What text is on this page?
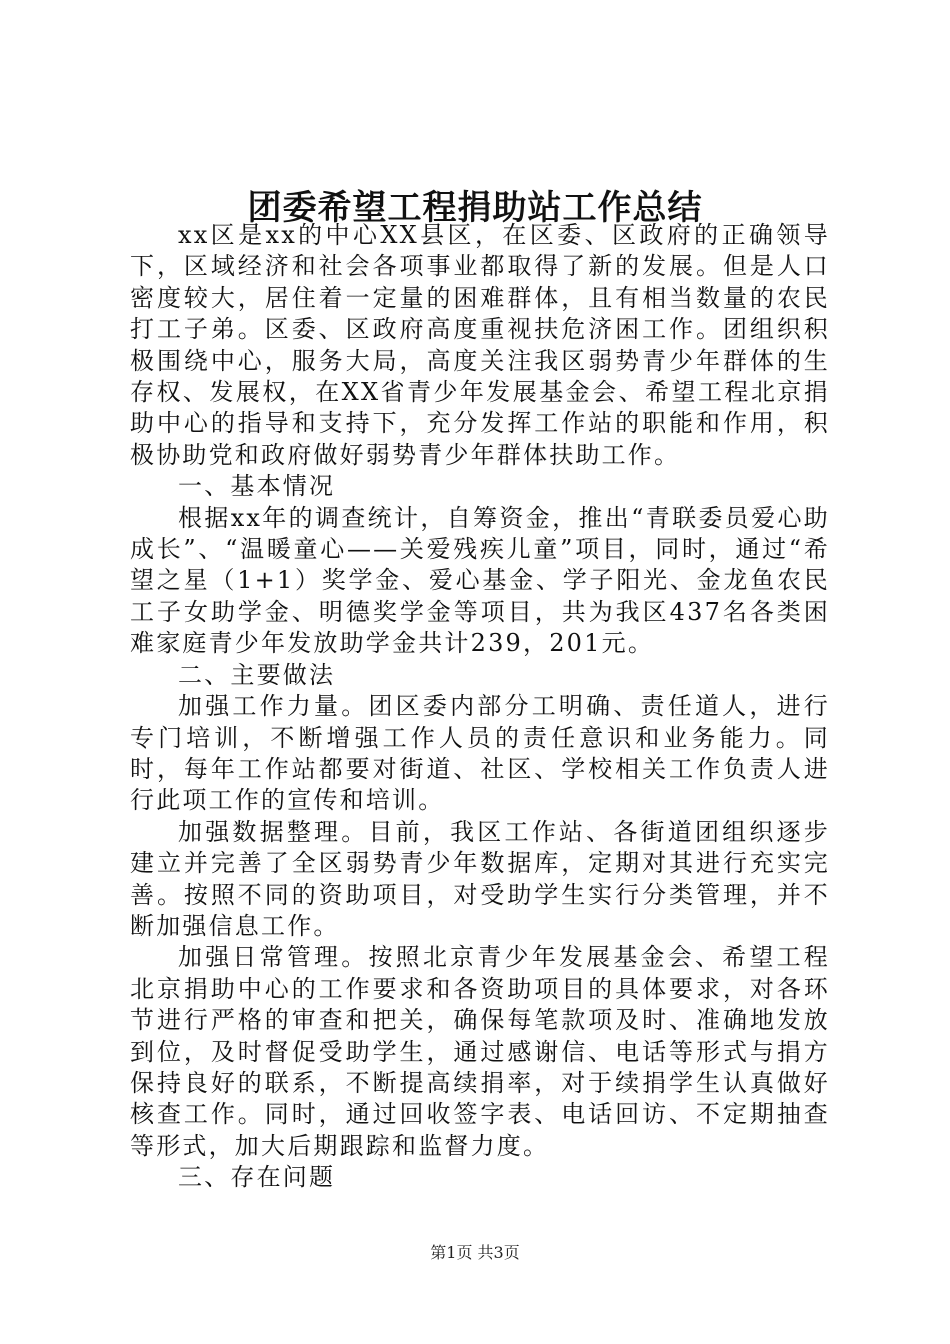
团委希望工程捐助站工作总结

xx区是xx的中心XX县区，在区委、区政府的正确领导下，区域经济和社会各项事业都取得了新的发展。但是人口密度较大，居住着一定量的困难群体，且有相当数量的农民打工子弟。区委、区政府高度重视扶危济困工作。团组织积极围绕中心，服务大局，高度关注我区弱势青少年群体的生存权、发展权，在XX省青少年发展基金会、希望工程北京捐助中心的指导和支持下，充分发挥工作站的职能和作用，积极协助党和政府做好弱势青少年群体扶助工作。

一、基本情况

根据xx年的调查统计，自筹资金，推出“青联委员爱心助成长”、“温暖童心——关爱残疾儿童”项目，同时，通过“希望之星（1+1）奖学金、爱心基金、学子阳光、金龙鱼农民工子女助学金、明德奖学金等项目，共为我区437名各类困难家庭青少年发放助学金共计239，201元。

二、主要做法

加强工作力量。团区委内部分工明确、责任道人，进行专门培训，不断增强工作人员的责任意识和业务能力。同时，每年工作站都要对街道、社区、学校相关工作负责人进行此项工作的宣传和培训。

加强数据整理。目前，我区工作站、各街道团组织逐步建立并完善了全区弱势青少年数据库，定期对其进行充实完善。按照不同的资助项目，对受助学生实行分类管理，并不断加强信息工作。

加强日常管理。按照北京青少年发展基金会、希望工程北京捐助中心的工作要求和各资助项目的具体要求，对各环节进行严格的审查和把关，确保每笔款项及时、准确地发放到位，及时督促受助学生，通过感谢信、电话等形式与捐方保持良好的联系，不断提高续捐率，对于续捐学生认真做好核查工作。同时，通过回收签字表、电话回访、不定期抽查等形式，加大后期跟踪和监督力度。

三、存在问题

第1页 共3页
